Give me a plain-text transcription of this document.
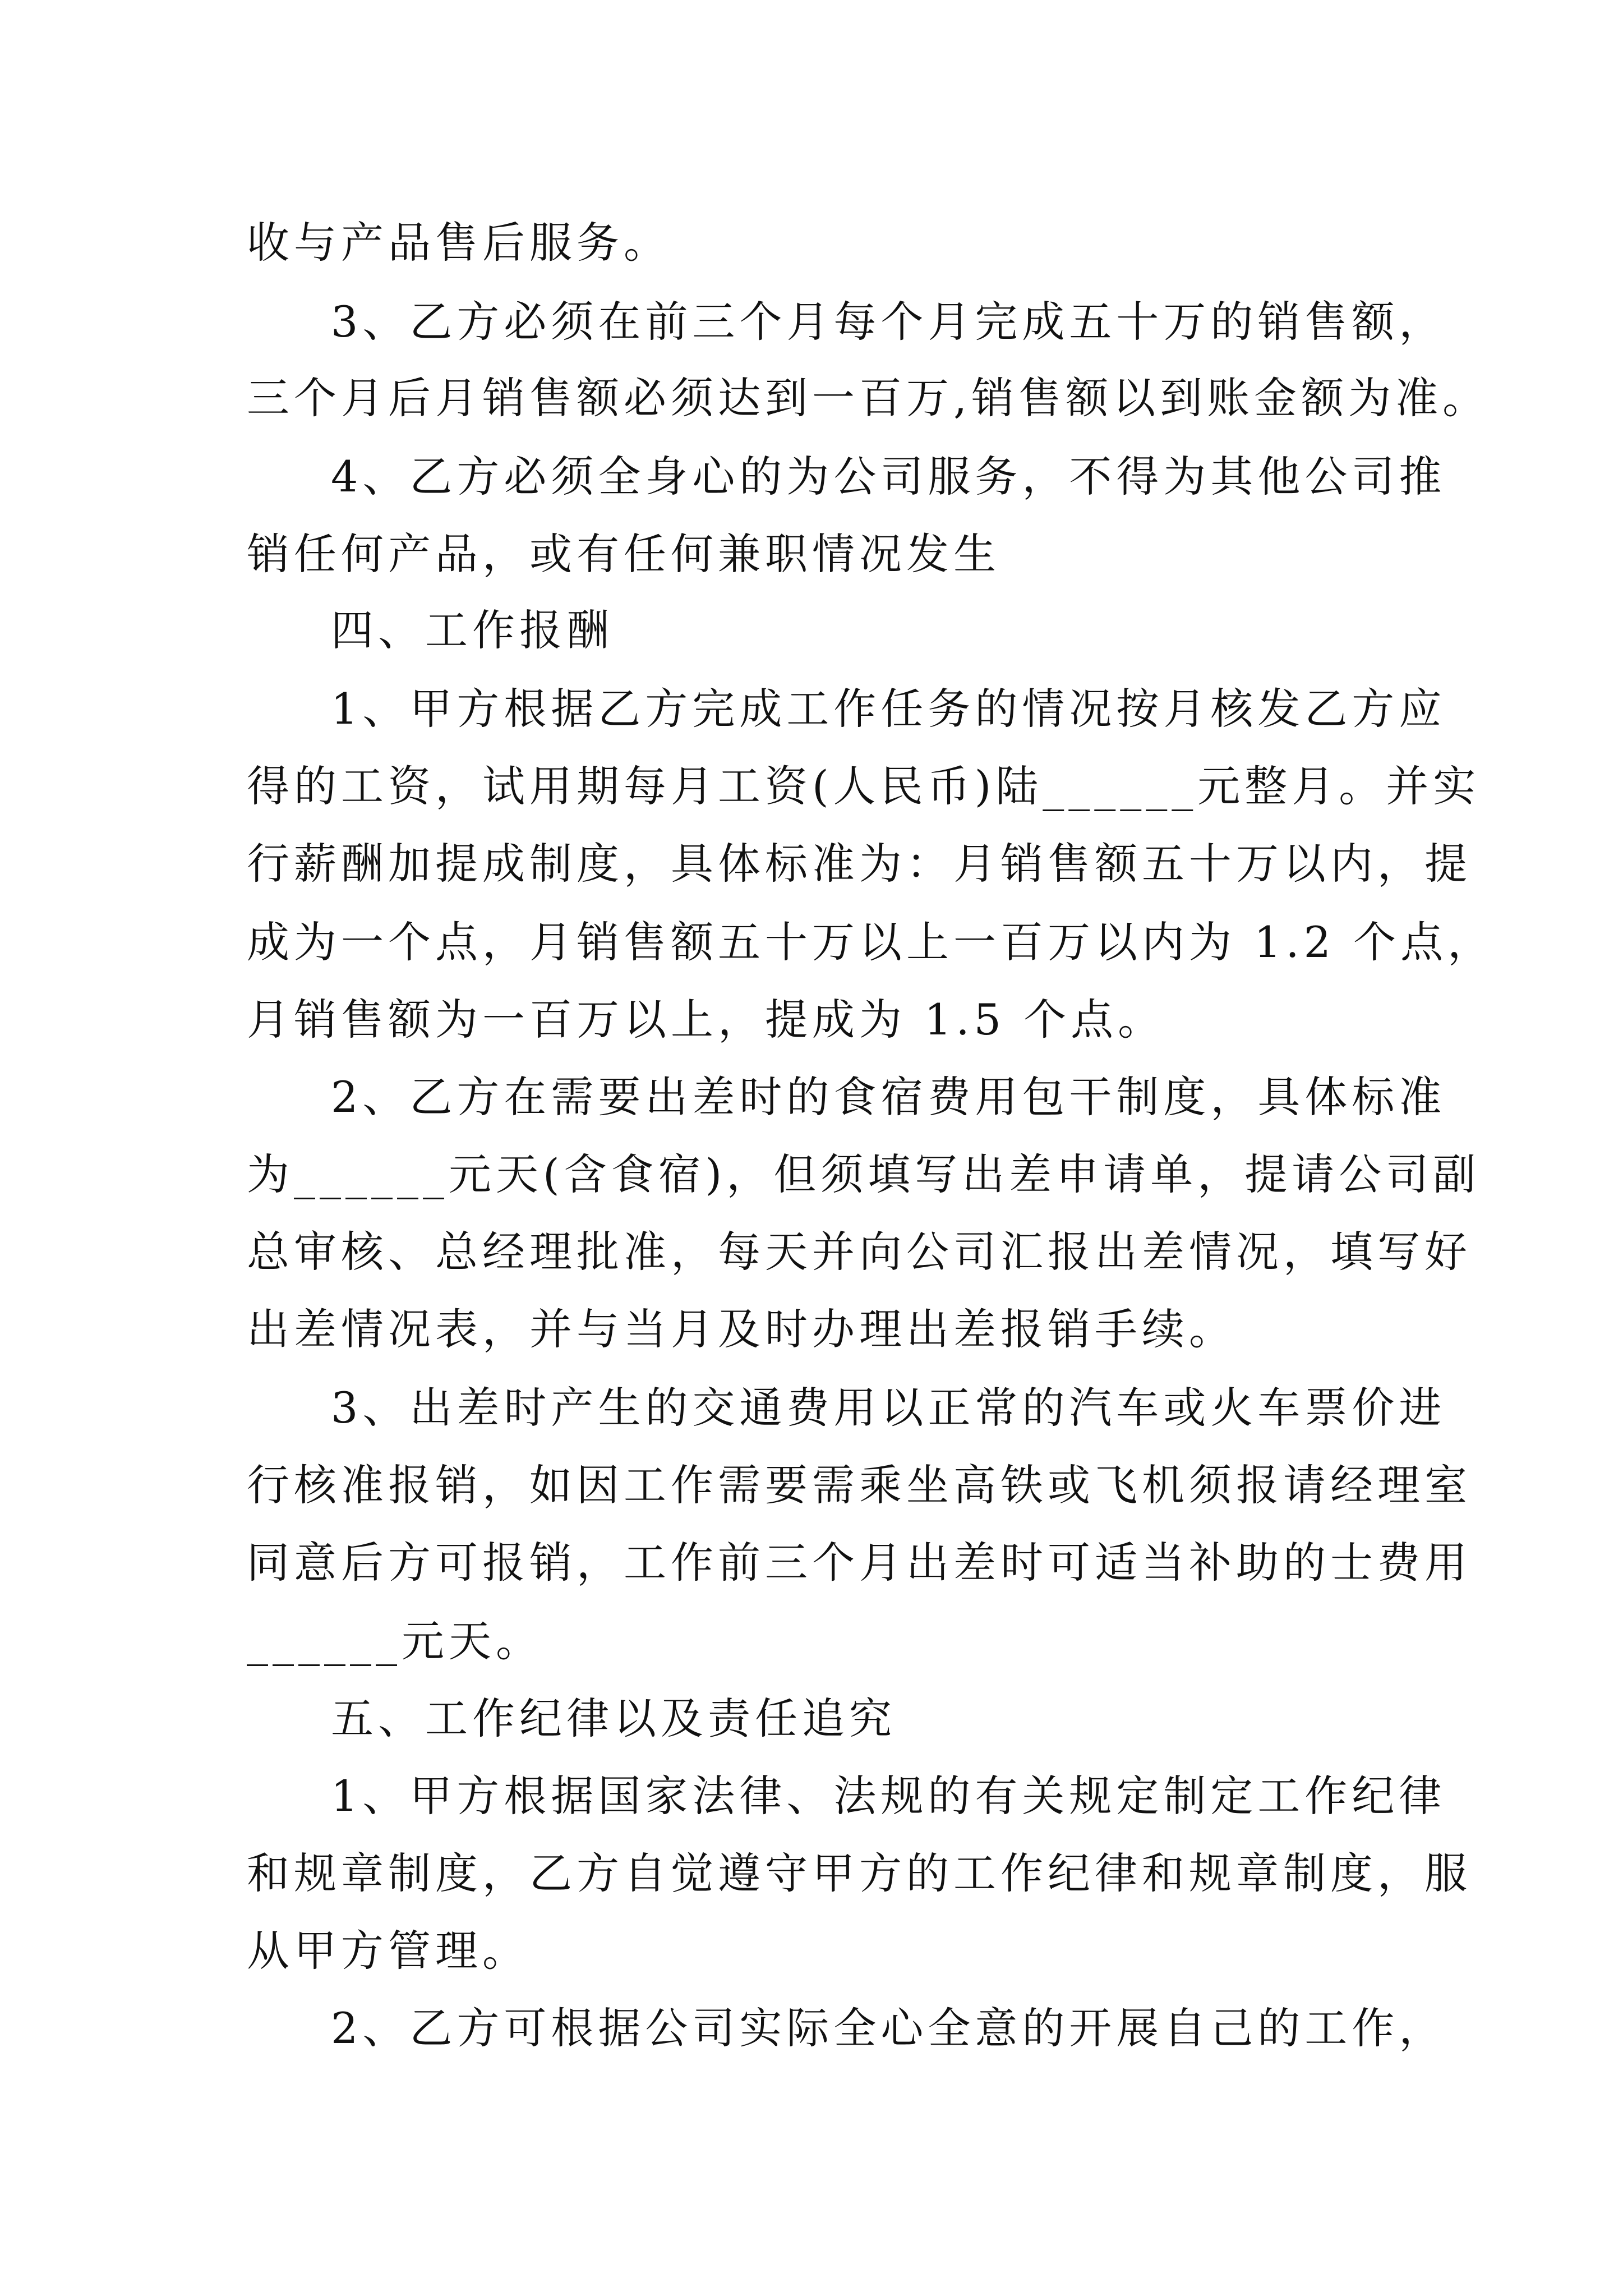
收与产品售后服务。
3、乙方必须在前三个月每个月完成五十万的销售额，
三个月后月销售额必须达到一百万,销售额以到账金额为准。
4、乙方必须全身心的为公司服务，不得为其他公司推
销任何产品，或有任何兼职情况发生
四、工作报酬
1、甲方根据乙方完成工作任务的情况按月核发乙方应
得的工资，试用期每月工资(人民币)陆______元整月。并实
行薪酬加提成制度，具体标准为：月销售额五十万以内，提
成为一个点，月销售额五十万以上一百万以内为 1.2 个点，
月销售额为一百万以上，提成为 1.5 个点。
2、乙方在需要出差时的食宿费用包干制度，具体标准
为______元天(含食宿)，但须填写出差申请单，提请公司副
总审核、总经理批准，每天并向公司汇报出差情况，填写好
出差情况表，并与当月及时办理出差报销手续。
3、出差时产生的交通费用以正常的汽车或火车票价进
行核准报销，如因工作需要需乘坐高铁或飞机须报请经理室
同意后方可报销，工作前三个月出差时可适当补助的士费用
______元天。
五、工作纪律以及责任追究
1、甲方根据国家法律、法规的有关规定制定工作纪律
和规章制度，乙方自觉遵守甲方的工作纪律和规章制度，服
从甲方管理。
2、乙方可根据公司实际全心全意的开展自己的工作，
